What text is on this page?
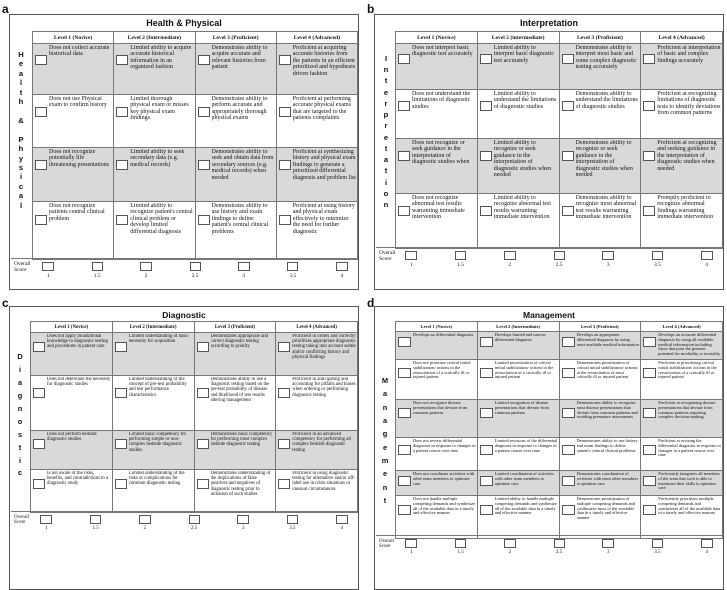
a
Health & Physical
H
e
a
l
t
h
&
P
h
y
s
i
c
a
l
Level 1 (Novice)	Level 2 (Intermediate)	Level 3 (Proficient)	Level 4 (Advanced)

Does not collect accurate historical data	Limited ability to acquire accurate historical information in an organized fashion	Demonstrates ability to acquire accurate and relevant histories from patient	Proficient at acquiring accurate histories from the patients in an efficient prioritized and hypothesis driven fashion

Does not use Physical exam to confirm history	Limited thorough physical exam or misses key physical exam findings	Demonstrates ability to perform accurate and appropriately thorough physical exams	Proficient at performing accurate physical exams that are targeted to the patients complaints

Does not recognize potentially life threatening presentations	Limited ability to seek secondary data (e.g. medical records)	Demonstrates ability to seek and obtain data from secondary sources (e.g. medical records) when needed	Proficient at synthesizing history and physical exam findings to generate a prioritized differential diagnosis and problem list

Does not recognize patients central clinical problem	Limited ability to recognize patient's central clinical problem or develop limited differential diagnosis	Demonstrates ability to use history and exam findings to define patient's central clinical problems	Proficient at using history and physical exam effectively to minimize the need for further diagnostic
Overall Score
1	1.5	2	2.5	3	3.5	4
b
Interpretation
I
n
t
e
r
p
r
e
t
a
t
i
o
n
Level 1 (Novice)	Level 2 (intermediate)	Level 3 (Proficient)	Level 4 (Advanced)

Does not interpret basic diagnostic test accurately	Limited ability to interpret basic diagnostic test accurately	Demonstrates ability to interpret most basic and some complex diagnostic testing accurately	Proficient at interpretation of basic and complex findings accurately

Does not understand the limitations of diagnostic studies	Limited ability to understand the limitations of diagnostic studies	Demonstrates ability to understand the limitations of diagnostic studies	Proficient at recognizing limitations of diagnostic tests to identify deviations from common patterns

Does not recognize or seek guidance in the interpretation of diagnostic studies when	Limited ability to recognize or seek guidance in the interpretation of diagnostic studies when needed	Demonstrates ability to recognize or seek guidance in the interpretation of diagnostic studies when needed	Proficient at recognizing and seeking guidance in the interpretation of diagnostic studies when needed

Does not recognize abnormal test results warranting immediate intervention	Limited ability to recognize abnormal test results warranting immediate intervention	Demonstrates ability to recognize most abnormal test results warranting immediate intervention	Promptly proficient to recognize abnormal findings warranting immediate intervention
Overall Score
1	1.5	2	2.5	3	3.5	4
c
Diagnostic
D
i
a
g
n
o
s
t
i
c
Level 1 (Novice)	Level 2 (Intermediate)	Level 3 (Proficient)	Level 4 (Advanced)

Does not apply foundational knowledge to diagnostic testing and procedures in patient care	Limited understanding of basic necessity for acquisition	Demonstrates appropriate and correct diagnostic testing according to priority	Proficient in orders and correctly prioritizes appropriate diagnostic testing taking into account subtle and/or conflicting history and physical findings

Does not determine the necessity for diagnostic studies	Limited understanding of the concept of pre-test probability and test performance characteristics	Demonstrates ability to use a diagnostic testing based on the pre-test probability of disease and likelihood of test results altering management	Proficient in anticipating and accounting for pitfalls and biases when ordering or performing diagnostic testing

Does not perform bedside diagnostic studies	Limited basic competency for performing simple or non-complex bedside diagnostic studies	Demonstrates basic competency for performing most complex bedside diagnostic testing	Proficient in an advanced competency for performing all complex bedside diagnostic testing

Is not aware of the risks, benefits, and contradictions to a diagnostic study	Limited understanding of the risks or complications for common diagnostic testing	Demonstrates understanding of the implications of false positives and negatives of diagnostic testing prior to initiation of such studies	Proficient in using diagnostic testing for alternative and/or off-label use in crisis situations or unusual circumstances
Overall Score
1	1.5	2	2.5	3	3.5	4
d
Management
M
a
n
a
g
e
m
e
n
t
Level 1 (Novice)	Level 2 (Intermediate)	Level 3 (Proficient)	Level 4 (Advanced)

Develops no differential diagnosis	Develops limited and narrow differential diagnosis	Develops an appropriate differential diagnosis by using most available medical information	Develops an accurate differential diagnosis by using all available medical information including those that pose the greatest potential for morbidity or mortality

Does not prioritize critical initial stabilization/ actions in the resuscitation of a critically ill or injured patient	Limited prioritization of critical initial stabilization/ actions in the resuscitation of a critically ill or injured patient	Demonstrates prioritization of critical initial stabilization/ actions in the resuscitation of most critically ill or injured patient	Proficient at prioritizing critical initial stabilization/ actions in the resuscitation of a critically ill or injured patient

Does not recognize disease presentations that deviate from common patterns	Limited recognition of disease presentations that deviate from common patterns	Demonstrates ability to recognize most disease presentations that deviate from common patterns and avoiding premature assessments	Proficient at recognizing disease presentations that deviate from common patterns requiring complex decision-making

Does not review differential diagnoses in response to changes in a patient course over time	Limited revisions of the differential diagnosis in response to changes in a patient course over time	Demonstrates ability to use history and exam findings to define patient's central clinical problems	Proficient at revising the differential diagnosis in response to changes in a patient course over time

Does not coordinate activities with other team members to optimize care	Limited coordination of activities with other team members to optimize care	Demonstrates coordination of activities with most other members to optimize care	Proficiently integrates all members of the team that such is able to maximize their skills to optimize care

Does not handle multiple competing demands and synthesize all of the available data in a timely and effective manner	Limited ability to handle multiple competing demands and synthesize all of the available data in a timely and effective manner	Demonstrates prioritization of multiple competing demands and synthesizes most of the available data in a timely and effective manner	Proficiently prioritizes multiple competing demands and synthesizes all of the available data in a timely and effective manner
Overall Score
1	1.5	2	2.5	3	3.5	4
